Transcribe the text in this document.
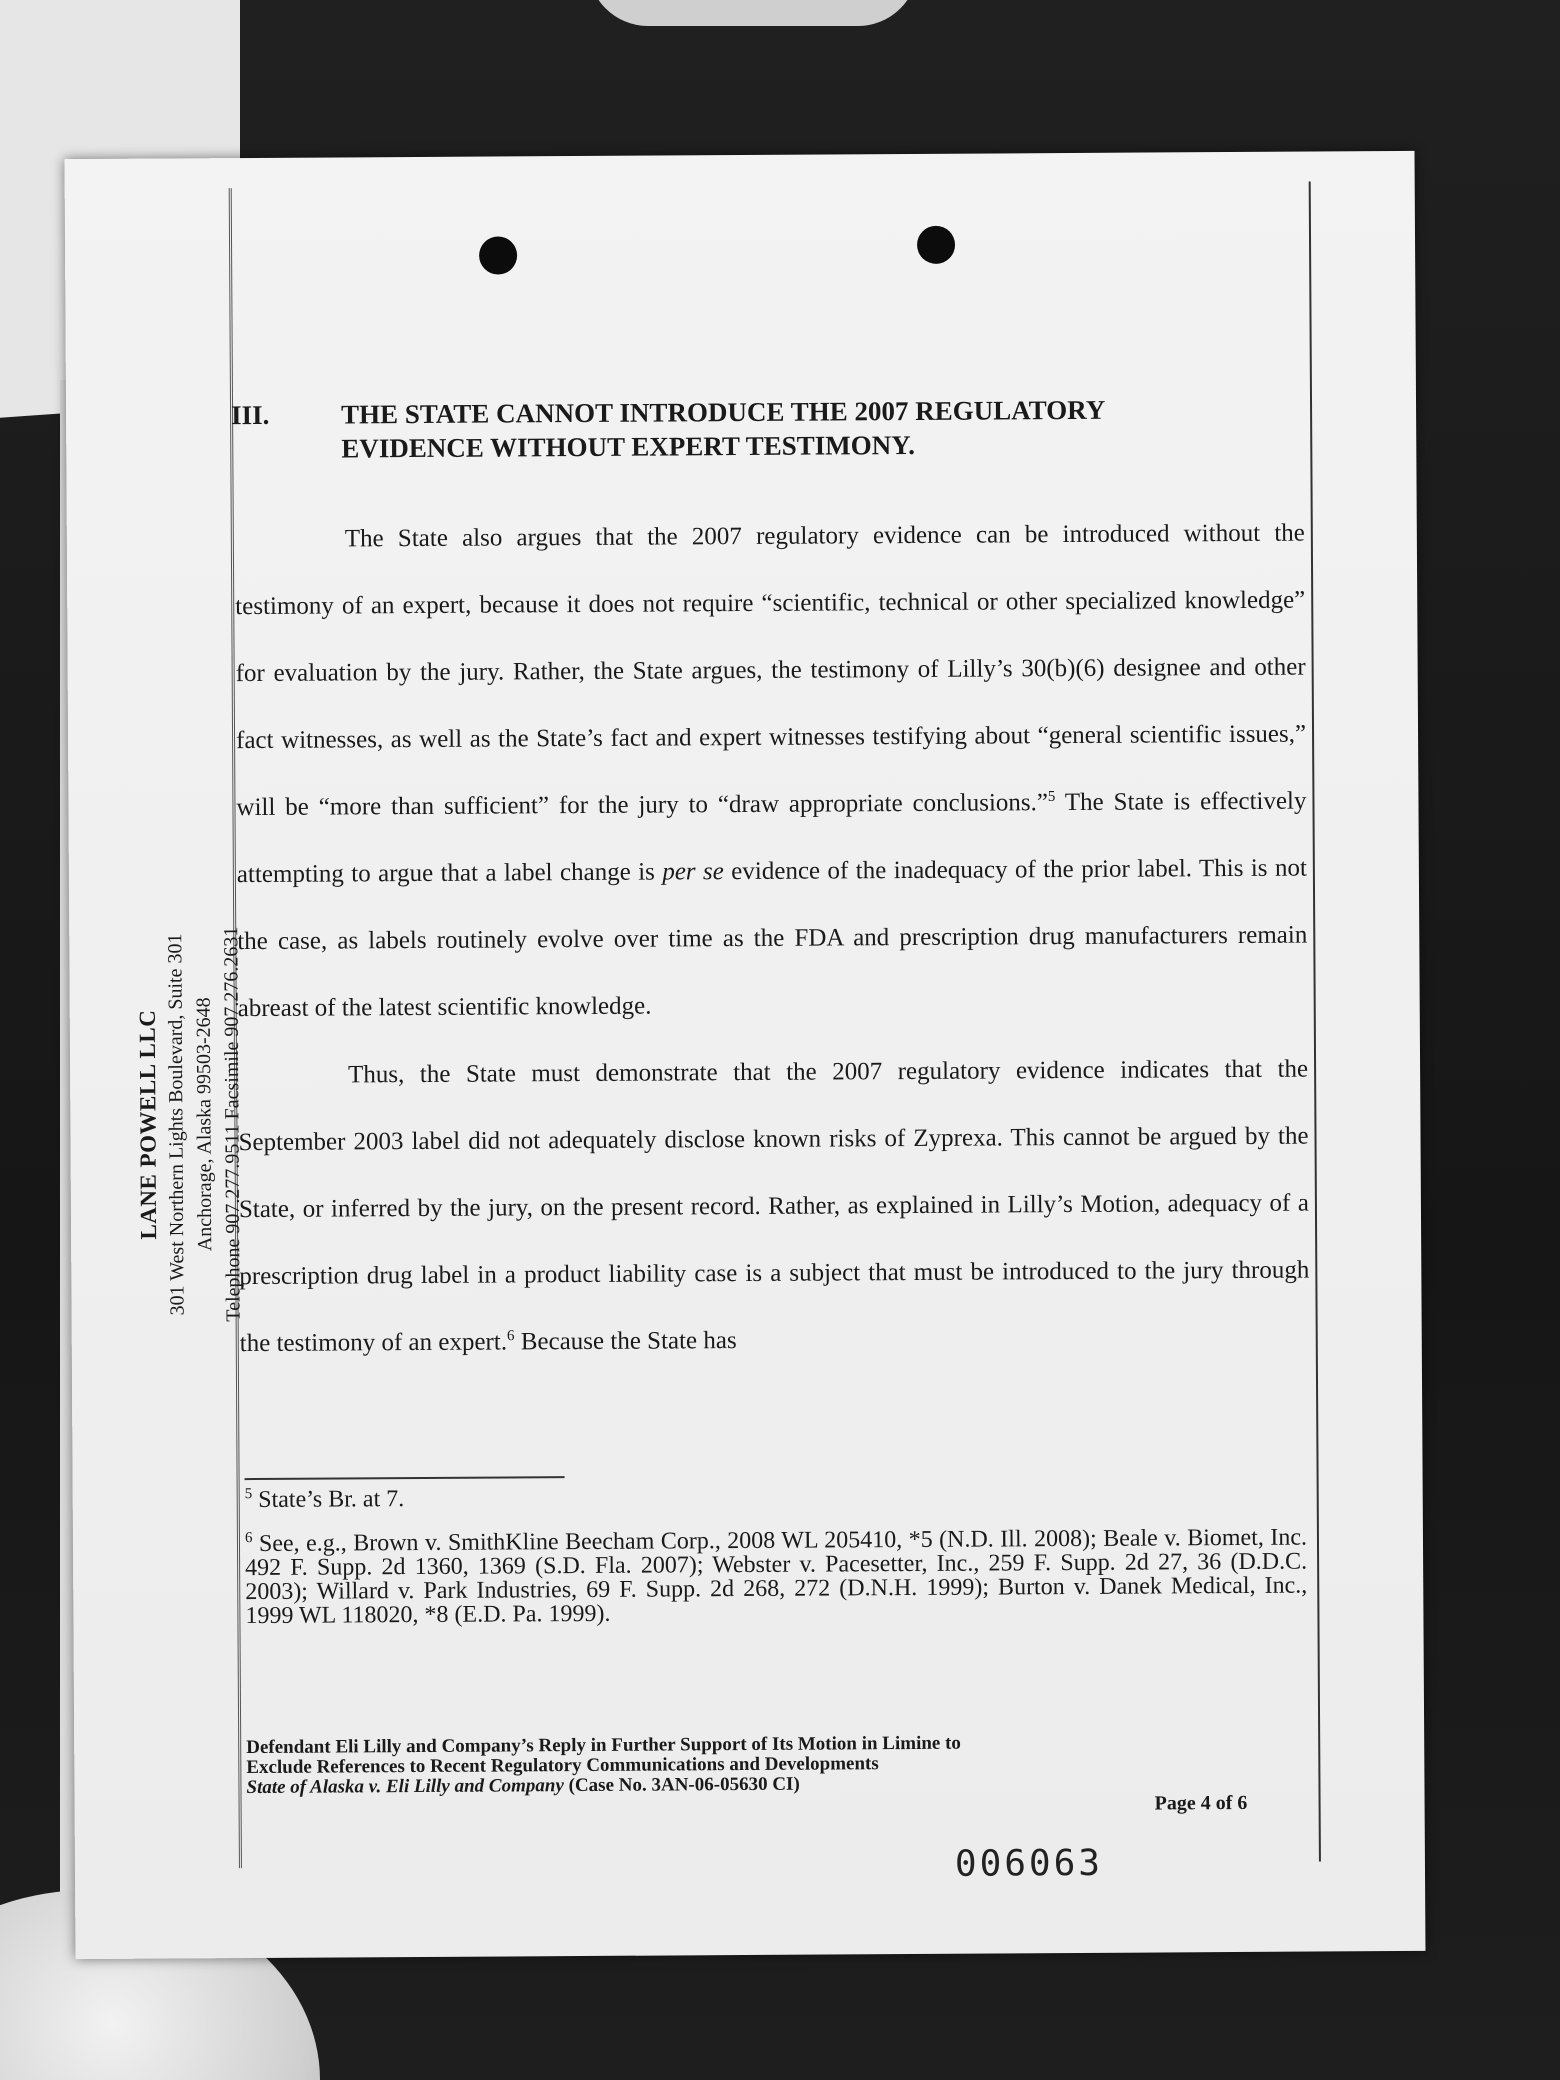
LANE POWELL LLC 301 West Northern Lights Boulevard, Suite 301 Anchorage, Alaska 99503-2648 Telephone 907.277.9511 Facsimile 907.276.2631
III.	THE STATE CANNOT INTRODUCE THE 2007 REGULATORY EVIDENCE WITHOUT EXPERT TESTIMONY.

The State also argues that the 2007 regulatory evidence can be introduced without the testimony of an expert, because it does not require “scientific, technical or other specialized knowledge” for evaluation by the jury. Rather, the State argues, the testimony of Lilly’s 30(b)(6) designee and other fact witnesses, as well as the State’s fact and expert witnesses testifying about “general scientific issues,” will be “more than sufficient” for the jury to “draw appropriate conclusions.”$^5$ The State is effectively attempting to argue that a label change is per se evidence of the inadequacy of the prior label. This is not the case, as labels routinely evolve over time as the FDA and prescription drug manufacturers remain abreast of the latest scientific knowledge.

Thus, the State must demonstrate that the 2007 regulatory evidence indicates that the September 2003 label did not adequately disclose known risks of Zyprexa. This cannot be argued by the State, or inferred by the jury, on the present record. Rather, as explained in Lilly’s Motion, adequacy of a prescription drug label in a product liability case is a subject that must be introduced to the jury through the testimony of an expert.$^6$ Because the State has

$^5$ State’s Br. at 7.

$^6$ See, e.g., Brown v. SmithKline Beecham Corp., 2008 WL 205410, *5 (N.D. Ill. 2008); Beale v. Biomet, Inc. 492 F. Supp. 2d 1360, 1369 (S.D. Fla. 2007); Webster v. Pacesetter, Inc., 259 F. Supp. 2d 27, 36 (D.D.C. 2003); Willard v. Park Industries, 69 F. Supp. 2d 268, 272 (D.N.H. 1999); Burton v. Danek Medical, Inc., 1999 WL 118020, *8 (E.D. Pa. 1999).

Defendant Eli Lilly and Company’s Reply in Further Support of Its Motion in Limine to
Exclude References to Recent Regulatory Communications and Developments
State of Alaska v. Eli Lilly and Company (Case No. 3AN-06-05630 CI)
Page 4 of 6
006063
